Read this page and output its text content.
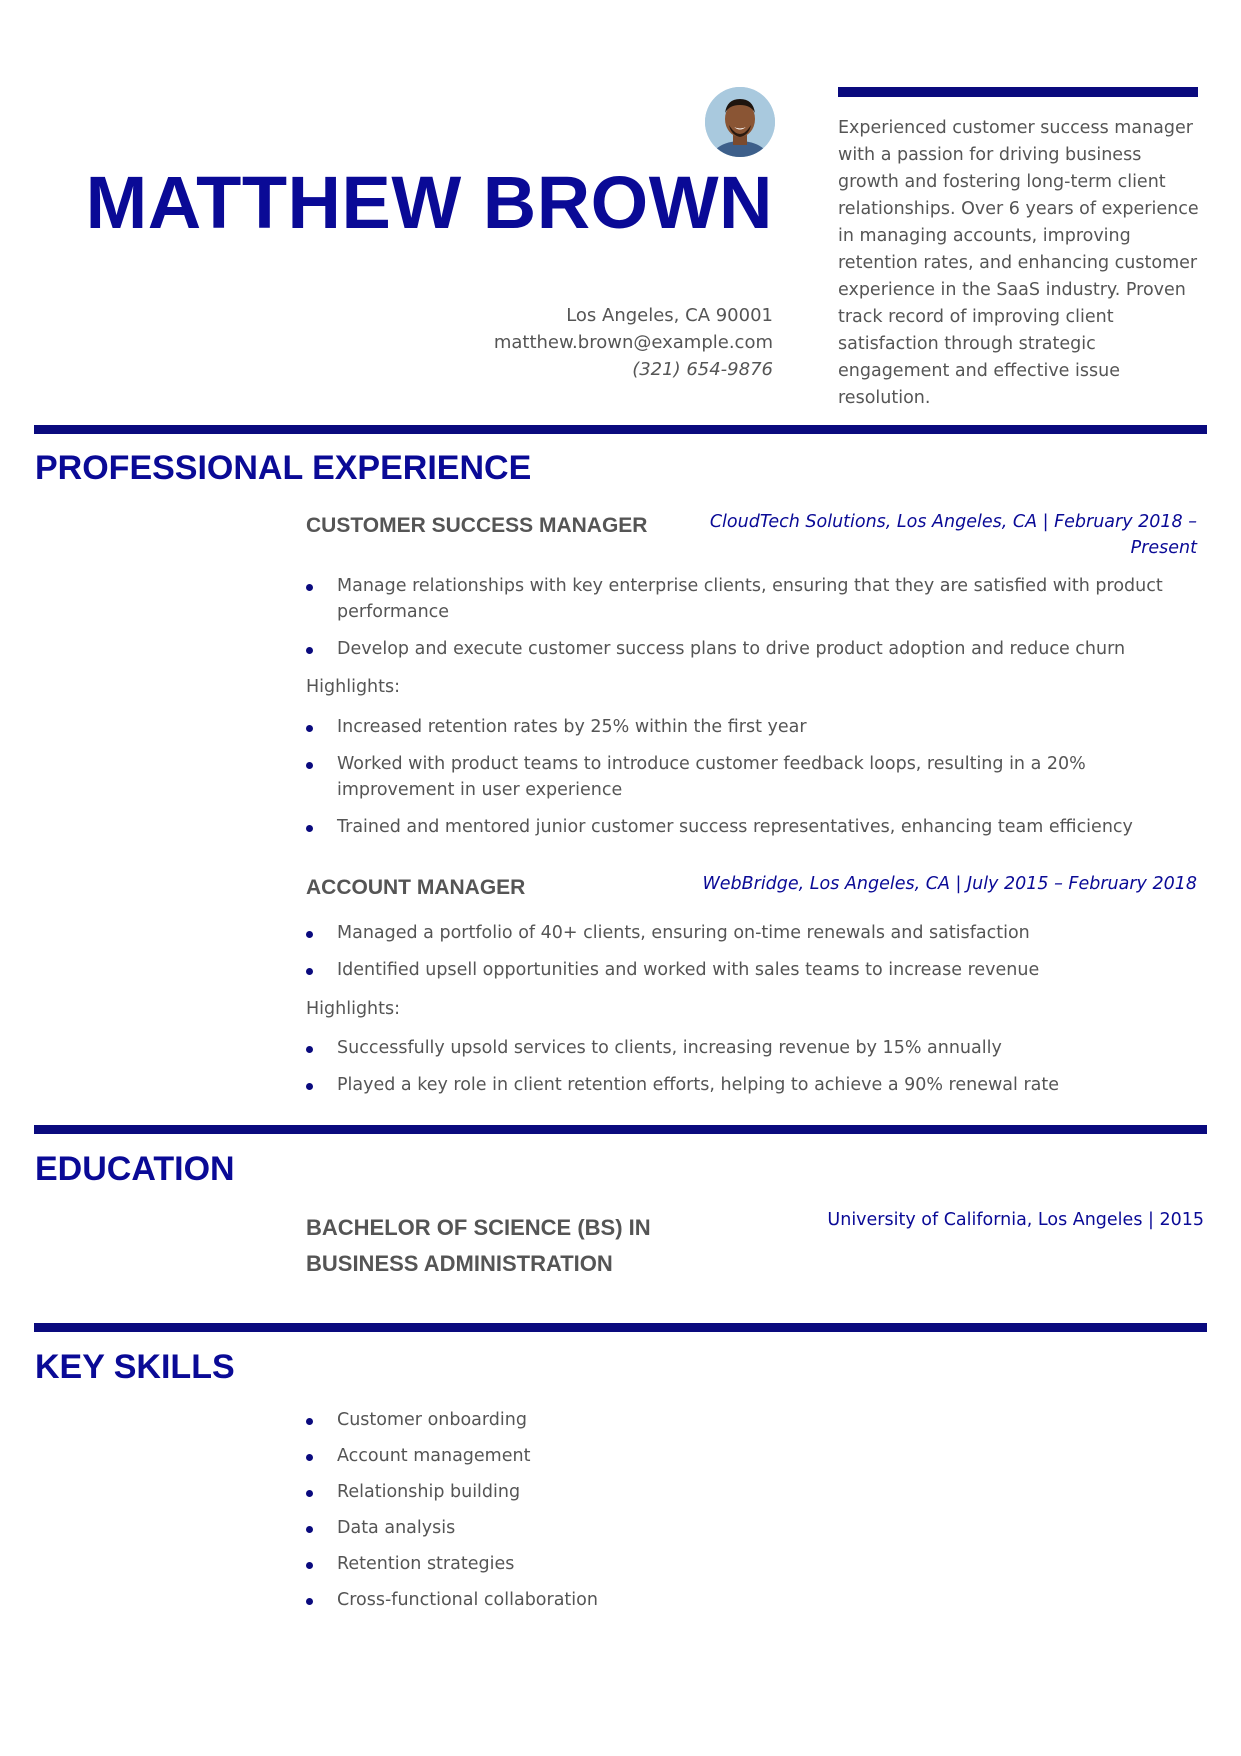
MATTHEW BROWN
Los Angeles, CA 90001
matthew.brown@example.com
(321) 654-9876
Experienced customer success manager with a passion for driving business growth and fostering long-term client relationships. Over 6 years of experience in managing accounts, improving retention rates, and enhancing customer experience in the SaaS industry. Proven track record of improving client satisfaction through strategic engagement and effective issue resolution.
PROFESSIONAL EXPERIENCE
CUSTOMER SUCCESS MANAGER	CloudTech Solutions, Los Angeles, CA | February 2018 –
Present
Manage relationships with key enterprise clients, ensuring that they are satisfied with product performance
Develop and execute customer success plans to drive product adoption and reduce churn
Highlights:
Increased retention rates by 25% within the first year
Worked with product teams to introduce customer feedback loops, resulting in a 20% improvement in user experience
Trained and mentored junior customer success representatives, enhancing team efficiency
ACCOUNT MANAGER	WebBridge, Los Angeles, CA | July 2015 – February 2018
Managed a portfolio of 40+ clients, ensuring on-time renewals and satisfaction
Identified upsell opportunities and worked with sales teams to increase revenue
Highlights:
Successfully upsold services to clients, increasing revenue by 15% annually
Played a key role in client retention efforts, helping to achieve a 90% renewal rate
EDUCATION
BACHELOR OF SCIENCE (BS) IN BUSINESS ADMINISTRATION
University of California, Los Angeles | 2015
KEY SKILLS
Customer onboarding
Account management
Relationship building
Data analysis
Retention strategies
Cross-functional collaboration
